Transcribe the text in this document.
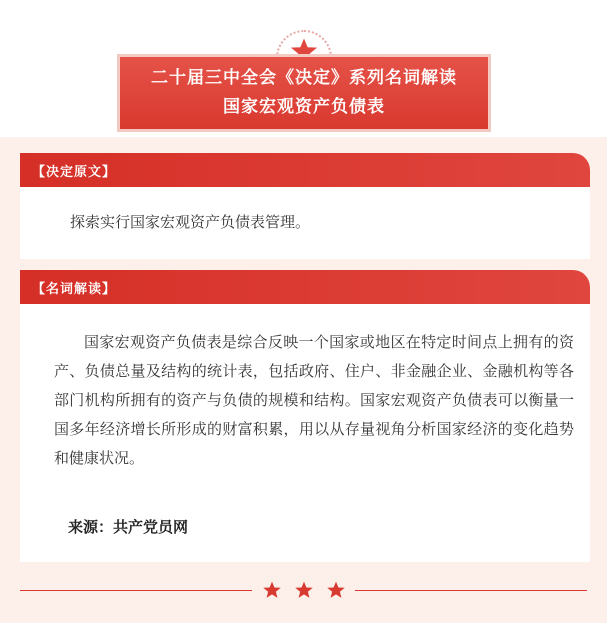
二十届三中全会《决定》系列名词解读
国家宏观资产负债表
【决定原文】

探索实行国家宏观资产负债表管理。

【名词解读】

国家宏观资产负债表是综合反映一个国家或地区在特定时间点上拥有的资产、负债总量及结构的统计表，包括政府、住户、非金融企业、金融机构等各部门机构所拥有的资产与负债的规模和结构。国家宏观资产负债表可以衡量一国多年经济增长所形成的财富积累，用以从存量视角分析国家经济的变化趋势和健康状况。

来源：共产党员网
